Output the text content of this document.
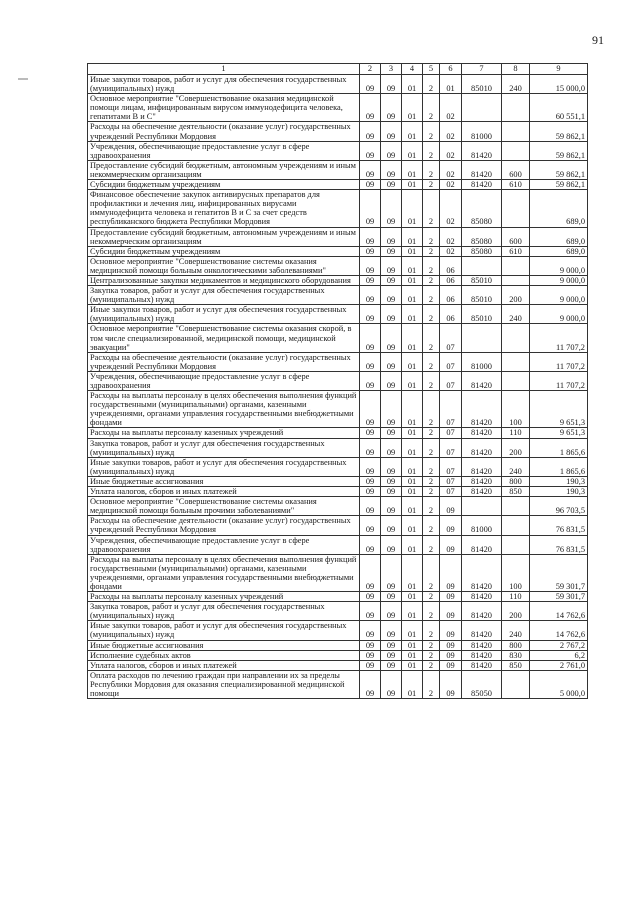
91
1	2	3	4	5	6	7	8	9
Иные закупки товаров, работ и услуг для обеспечения государственных (муниципальных) нужд	09	09	01	2	01	85010	240	15 000,0
Основное мероприятие "Совершенствование оказания медицинской помощи лицам, инфицированным вирусом иммунодефицита человека, гепатитами В и С"	09	09	01	2	02			60 551,1
Расходы на обеспечение деятельности (оказание услуг) государственных учреждений Республики Мордовия	09	09	01	2	02	81000		59 862,1
Учреждения, обеспечивающие предоставление услуг в сфере здравоохранения	09	09	01	2	02	81420		59 862,1
Предоставление субсидий бюджетным, автономным учреждениям и иным некоммерческим организациям	09	09	01	2	02	81420	600	59 862,1
Субсидии бюджетным учреждениям	09	09	01	2	02	81420	610	59 862,1
Финансовое обеспечение закупок антивирусных препаратов для профилактики и лечения лиц, инфицированных вирусами иммунодефицита человека и гепатитов В и С за счет средств республиканского бюджета Республики Мордовия	09	09	01	2	02	85080		689,0
Предоставление субсидий бюджетным, автономным учреждениям и иным некоммерческим организациям	09	09	01	2	02	85080	600	689,0
Субсидии бюджетным учреждениям	09	09	01	2	02	85080	610	689,0
Основное мероприятие "Совершенствование системы оказания медицинской помощи больным онкологическими заболеваниями"	09	09	01	2	06			9 000,0
Централизованные закупки медикаментов и медицинского оборудования	09	09	01	2	06	85010		9 000,0
Закупка товаров, работ и услуг для обеспечения государственных (муниципальных) нужд	09	09	01	2	06	85010	200	9 000,0
Иные закупки товаров, работ и услуг для обеспечения государственных (муниципальных) нужд	09	09	01	2	06	85010	240	9 000,0
Основное мероприятие "Совершенствование системы оказания скорой, в том числе специализированной, медицинской помощи, медицинской эвакуации"	09	09	01	2	07			11 707,2
Расходы на обеспечение деятельности (оказание услуг) государственных учреждений Республики Мордовия	09	09	01	2	07	81000		11 707,2
Учреждения, обеспечивающие предоставление услуг в сфере здравоохранения	09	09	01	2	07	81420		11 707,2
Расходы на выплаты персоналу в целях обеспечения выполнения функций государственными (муниципальными) органами, казенными учреждениями, органами управления государственными внебюджетными фондами	09	09	01	2	07	81420	100	9 651,3
Расходы на выплаты персоналу казенных учреждений	09	09	01	2	07	81420	110	9 651,3
Закупка товаров, работ и услуг для обеспечения государственных (муниципальных) нужд	09	09	01	2	07	81420	200	1 865,6
Иные закупки товаров, работ и услуг для обеспечения государственных (муниципальных) нужд	09	09	01	2	07	81420	240	1 865,6
Иные бюджетные ассигнования	09	09	01	2	07	81420	800	190,3
Уплата налогов, сборов и иных платежей	09	09	01	2	07	81420	850	190,3
Основное мероприятие "Совершенствование системы оказания медицинской помощи больным прочими заболеваниями"	09	09	01	2	09			96 703,5
Расходы на обеспечение деятельности (оказание услуг) государственных учреждений Республики Мордовия	09	09	01	2	09	81000		76 831,5
Учреждения, обеспечивающие предоставление услуг в сфере здравоохранения	09	09	01	2	09	81420		76 831,5
Расходы на выплаты персоналу в целях обеспечения выполнения функций государственными (муниципальными) органами, казенными учреждениями, органами управления государственными внебюджетными фондами	09	09	01	2	09	81420	100	59 301,7
Расходы на выплаты персоналу казенных учреждений	09	09	01	2	09	81420	110	59 301,7
Закупка товаров, работ и услуг для обеспечения государственных (муниципальных) нужд	09	09	01	2	09	81420	200	14 762,6
Иные закупки товаров, работ и услуг для обеспечения государственных (муниципальных) нужд	09	09	01	2	09	81420	240	14 762,6
Иные бюджетные ассигнования	09	09	01	2	09	81420	800	2 767,2
Исполнение судебных актов	09	09	01	2	09	81420	830	6,2
Уплата налогов, сборов и иных платежей	09	09	01	2	09	81420	850	2 761,0
Оплата расходов по лечению граждан при направлении их за пределы Республики Мордовия для оказания специализированной медицинской помощи	09	09	01	2	09	85050		5 000,0
